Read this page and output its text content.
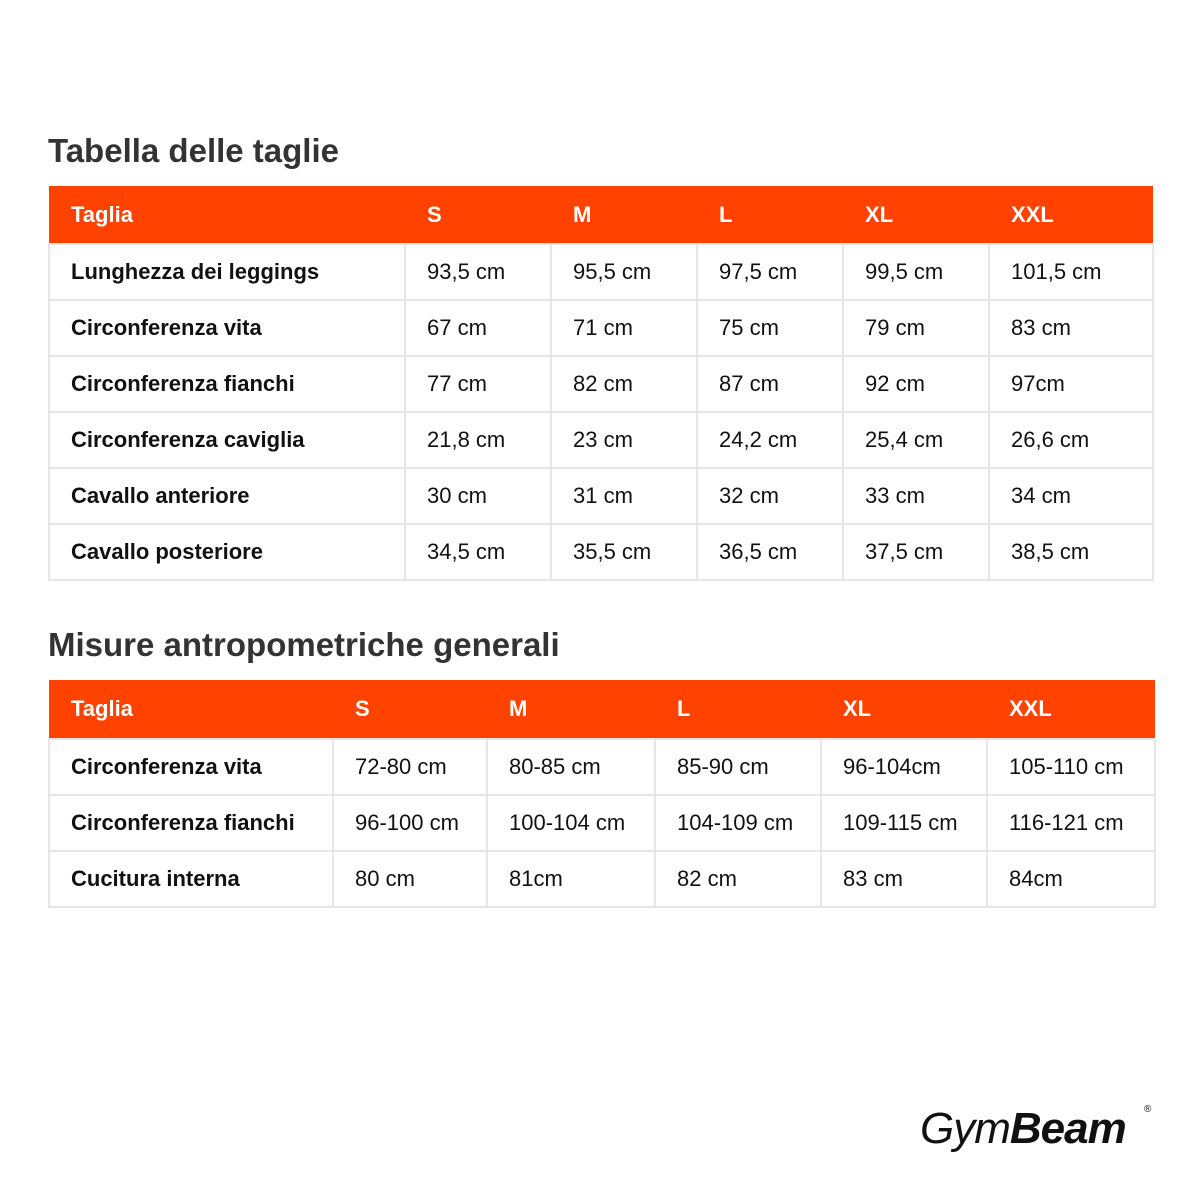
Tabella delle taglie
Taglia	S	M	L	XL	XXL
Lunghezza dei leggings	93,5 cm	95,5 cm	97,5 cm	99,5 cm	101,5 cm
Circonferenza vita	67 cm	71 cm	75 cm	79 cm	83 cm
Circonferenza fianchi	77 cm	82 cm	87 cm	92 cm	97cm
Circonferenza caviglia	21,8 cm	23 cm	24,2 cm	25,4 cm	26,6 cm
Cavallo anteriore	30 cm	31 cm	32 cm	33 cm	34 cm
Cavallo posteriore	34,5 cm	35,5 cm	36,5 cm	37,5 cm	38,5 cm
Misure antropometriche generali
Taglia	S	M	L	XL	XXL
Circonferenza vita	72-80 cm	80-85 cm	85-90 cm	96-104cm	105-110 cm
Circonferenza fianchi	96-100 cm	100-104 cm	104-109 cm	109-115 cm	116-121 cm
Cucitura interna	80 cm	81cm	82 cm	83 cm	84cm
GymBeam ®
